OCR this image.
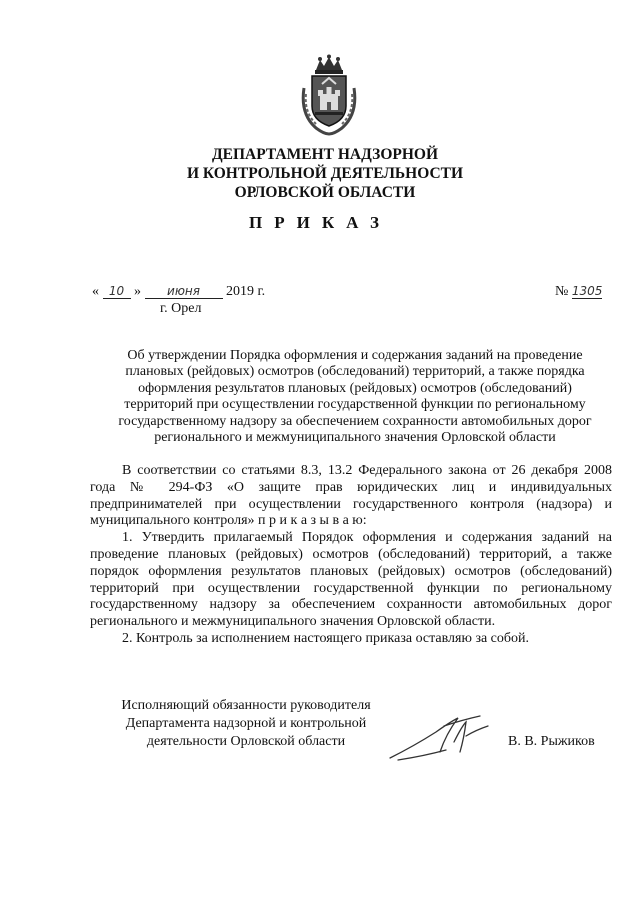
ДЕПАРТАМЕНТ НАДЗОРНОЙ
И КОНТРОЛЬНОЙ ДЕЯТЕЛЬНОСТИ
ОРЛОВСКОЙ ОБЛАСТИ
ПРИКАЗ
« 10 » июня 2019 г.
г. Орел
№ 1305
Об утверждении Порядка оформления и содержания заданий на проведение
плановых (рейдовых) осмотров (обследований) территорий, а также порядка
оформления результатов плановых (рейдовых) осмотров (обследований)
территорий при осуществлении государственной функции по региональному
государственному надзору за обеспечением сохранности автомобильных дорог
регионального и межмуниципального значения Орловской области

В соответствии со статьями 8.3, 13.2 Федерального закона от 26 декабря 2008 года № 294-ФЗ «О защите прав юридических лиц и индивидуальных предпринимателей при осуществлении государственного контроля (надзора) и муниципального контроля» п р и к а з ы в а ю:

1. Утвердить прилагаемый Порядок оформления и содержания заданий на проведение плановых (рейдовых) осмотров (обследований) территорий, а также порядок оформления результатов плановых (рейдовых) осмотров (обследований) территорий при осуществлении государственной функции по региональному государственному надзору за обеспечением сохранности автомобильных дорог регионального и межмуниципального значения Орловской области.

2. Контроль за исполнением настоящего приказа оставляю за собой.

Исполняющий обязанности руководителя
Департамента надзорной и контрольной
деятельности Орловской области	В. В. Рыжиков
